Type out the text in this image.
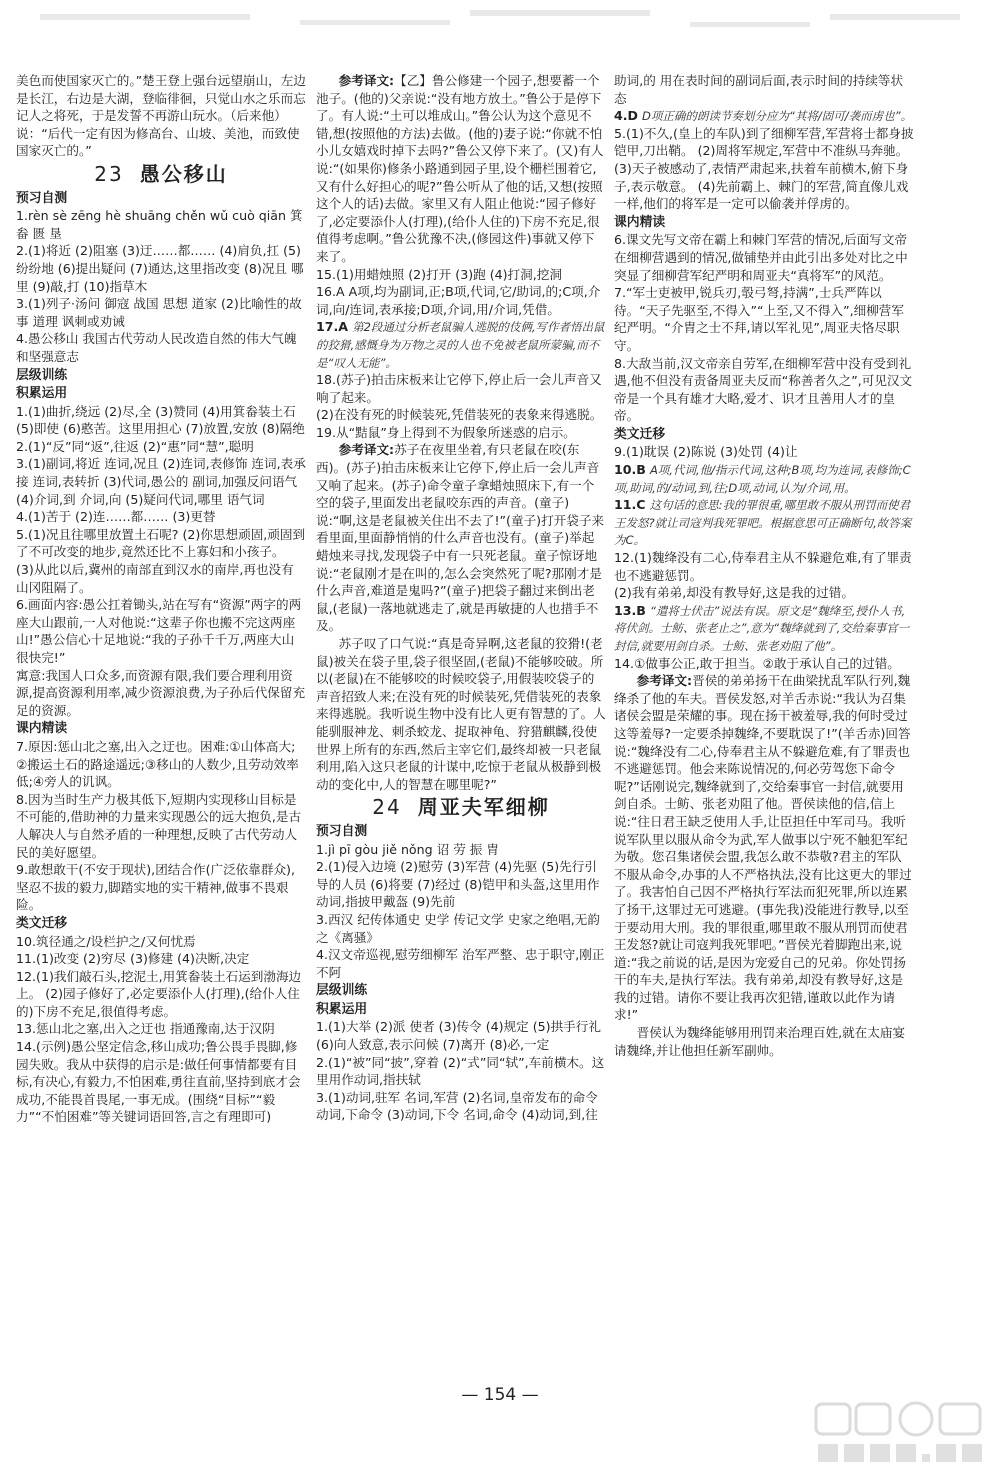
美色而使国家灭亡的。”楚王登上强台远望崩山，左边是长江，右边是大湖，登临徘徊，只觉山水之乐而忘记人之将死，于是发誓不再游山玩水。（后来他）说：“后代一定有因为修高台、山坡、美池，而致使国家灭亡的。”

23 愚公移山
预习自测

1.rèn sè zēng hè shuāng chěn wǔ cuò qiān 箕畚 匮 垦

2.(1)将近 (2)阻塞 (3)迂……都…… (4)肩负,扛 (5)纷纷地 (6)提出疑问 (7)通达,这里指改变 (8)况且 哪里 (9)敲,打 (10)指草木

3.(1)列子·汤问 御寇 战国 思想 道家 (2)比喻性的故事 道理 讽刺或劝诫

4.愚公移山 我国古代劳动人民改造自然的伟大气魄和坚强意志

层级训练
积累运用

1.(1)曲折,绕远 (2)尽,全 (3)赞同 (4)用箕畚装土石 (5)即使 (6)憨苦。这里用担心 (7)放置,安放 (8)隔绝

2.(1)“反”同“返”,往返 (2)“惠”同“慧”,聪明

3.(1)副词,将近 连词,况且 (2)连词,表修饰 连词,表承接 连词,表转折 (3)代词,愚公的 副词,加强反问语气 (4)介词,到 介词,向 (5)疑问代词,哪里 语气词

4.(1)苦于 (2)连……都…… (3)更替

5.(1)况且往哪里放置土石呢? (2)你思想顽固,顽固到了不可改变的地步,竟然还比不上寡妇和小孩子。 (3)从此以后,冀州的南部直到汉水的南岸,再也没有山冈阻隔了。

6.画面内容:愚公扛着锄头,站在写有“资源”两字的两座大山跟前,一人对他说:“这辈子你也搬不完这两座山!”愚公信心十足地说:“我的子孙千千万,两座大山很快完!”

寓意:我国人口众多,而资源有限,我们要合理利用资源,提高资源利用率,减少资源浪费,为子孙后代保留充足的资源。

课内精读

7.原因:惩山北之塞,出入之迂也。困难:①山体高大;②搬运土石的路途遥远;③移山的人数少,且劳动效率低;④旁人的讥讽。

8.因为当时生产力极其低下,短期内实现移山目标是不可能的,借助神的力量来实现愚公的远大抱负,是古人解决人与自然矛盾的一种理想,反映了古代劳动人民的美好愿望。

9.敢想敢干(不安于现状),团结合作(广泛依靠群众),坚忍不拔的毅力,脚踏实地的实干精神,做事不畏艰险。

类文迁移

10.筑径通之/设栏护之/又何忧焉

11.(1)改变 (2)穷尽 (3)修建 (4)决断,决定

12.(1)我们敲石头,挖泥土,用箕畚装土石运到渤海边上。 (2)园子修好了,必定要添仆人(打理),(给仆人住的)下房不充足,很值得考虑。

13.惩山北之塞,出入之迂也 指通豫南,达于汉阴

14.(示例)愚公坚定信念,移山成功;鲁公畏手畏脚,修园失败。我从中获得的启示是:做任何事情都要有目标,有决心,有毅力,不怕困难,勇往直前,坚持到底才会成功,不能畏首畏尾,一事无成。(围绕“目标”“毅力”“不怕困难”等关键词语回答,言之有理即可)

参考译文:【乙】鲁公修建一个园子,想要蓄一个池子。(他的)父亲说:“没有地方放土。”鲁公于是停下了。有人说:“土可以堆成山。”鲁公认为这个意见不错,想(按照他的方法)去做。(他的)妻子说:“你就不怕小儿女嬉戏时掉下去吗?”鲁公又停下来了。(又)有人说:“(如果你)修条小路通到园子里,设个栅栏围着它,又有什么好担心的呢?”鲁公听从了他的话,又想(按照这个人的话)去做。家里又有人阻止他说:“园子修好了,必定要添仆人(打理),(给仆人住的)下房不充足,很值得考虑啊。”鲁公犹豫不决,(修园这件)事就又停下来了。

15.(1)用蜡烛照 (2)打开 (3)跑 (4)打洞,挖洞

16.A A项,均为副词,正;B项,代词,它/助词,的;C项,介词,向/连词,表承接;D项,介词,用/介词,凭借。

17.A 第2段通过分析老鼠骗人逃脱的伎俩,写作者悟出鼠的狡猾,感慨身为万物之灵的人也不免被老鼠所蒙骗,而不是“叹人无能”。

18.(苏子)拍击床板来让它停下,停止后一会儿声音又响了起来。

(2)在没有死的时候装死,凭借装死的表象来得逃脱。

19.从“黠鼠”身上得到不为假象所迷惑的启示。

参考译文:苏子在夜里坐着,有只老鼠在咬(东西)。(苏子)拍击床板来让它停下,停止后一会儿声音又响了起来。(苏子)命令童子拿蜡烛照床下,有一个空的袋子,里面发出老鼠咬东西的声音。(童子)说:“啊,这是老鼠被关住出不去了!”(童子)打开袋子来看里面,里面静悄悄的什么声音也没有。(童子)举起蜡烛来寻找,发现袋子中有一只死老鼠。童子惊讶地说:“老鼠刚才是在叫的,怎么会突然死了呢?那刚才是什么声音,难道是鬼吗?”(童子)把袋子翻过来倒出老鼠,(老鼠)一落地就逃走了,就是再敏捷的人也措手不及。

苏子叹了口气说:“真是奇异啊,这老鼠的狡猾!(老鼠)被关在袋子里,袋子很坚固,(老鼠)不能够咬破。所以(老鼠)在不能够咬的时候咬袋子,用假装咬袋子的声音招致人来;在没有死的时候装死,凭借装死的表象来得逃脱。我听说生物中没有比人更有智慧的了。人能驯服神龙、刺杀蛟龙、捉取神龟、狩猎麒麟,役使世界上所有的东西,然后主宰它们,最终却被一只老鼠利用,陷入这只老鼠的计谋中,吃惊于老鼠从极静到极动的变化中,人的智慧在哪里呢?”

24 周亚夫军细柳
预习自测

1.jì pī gòu jiě nǒng 诏 劳 振 胄

2.(1)侵入边境 (2)慰劳 (3)军营 (4)先驱 (5)先行引导的人员 (6)将要 (7)经过 (8)铠甲和头盔,这里用作动词,指披甲戴盔 (9)先前

3.西汉 纪传体通史 史学 传记文学 史家之绝唱,无韵之《离骚》

4.汉文帝巡视,慰劳细柳军 治军严整、忠于职守,刚正不阿

层级训练
积累运用

1.(1)大举 (2)派 使者 (3)传令 (4)规定 (5)拱手行礼 (6)向人致意,表示问候 (7)离开 (8)必,一定

2.(1)“被”同“披”,穿着 (2)“式”同“轼”,车前横木。这里用作动词,指扶轼

3.(1)动词,驻军 名词,军营 (2)名词,皇帝发布的命令 动词,下命令 (3)动词,下令 名词,命令 (4)动词,到,往

助词,的 用在表时间的副词后面,表示时间的持续等状态

4.D D项正确的朗读节奏划分应为“其将/固可/袭而虏也”。

5.(1)不久,(皇上的车队)到了细柳军营,军营将士都身披铠甲,刀出鞘。 (2)周将军规定,军营中不准纵马奔驰。 (3)天子被感动了,表情严肃起来,扶着车前横木,俯下身子,表示敬意。 (4)先前霸上、棘门的军营,简直像儿戏一样,他们的将军是一定可以偷袭并俘虏的。

课内精读

6.课文先写文帝在霸上和棘门军营的情况,后面写文帝在细柳营遇到的情况,做铺垫并由此引出多处对比之中突显了细柳营军纪严明和周亚夫“真将军”的风范。

7.“军士吏被甲,锐兵刃,彀弓弩,持满”,士兵严阵以待。“天子先驱至,不得入”“上至,又不得入”,细柳营军纪严明。“介胄之士不拜,请以军礼见”,周亚夫恪尽职守。

8.大敌当前,汉文帝亲自劳军,在细柳军营中没有受到礼遇,他不但没有责备周亚夫反而“称善者久之”,可见汉文帝是一个具有雄才大略,爱才、识才且善用人才的皇帝。

类文迁移

9.(1)耽误 (2)陈说 (3)处罚 (4)让

10.B A项,代词,他/指示代词,这种;B项,均为连词,表修饰;C项,助词,的/动词,到,往;D项,动词,认为/介词,用。

11.C 这句话的意思:我的罪很重,哪里敢不服从刑罚而使君王发怒?就让司寇判我死罪吧。根据意思可正确断句,故答案为C。

12.(1)魏绛没有二心,侍奉君主从不躲避危难,有了罪责也不逃避惩罚。

(2)我有弟弟,却没有教导好,这是我的过错。

13.B “遣将士伏击”说法有误。原文是“魏绛至,授仆人书,将伏剑。士鲂、张老止之”,意为“魏绛就到了,交给秦事官一封信,就要用剑自杀。士鲂、张老劝阻了他”。

14.①做事公正,敢于担当。②敢于承认自己的过错。

参考译文:晋侯的弟弟扬干在曲梁扰乱军队行列,魏绛杀了他的车夫。晋侯发怒,对羊舌赤说:“我认为召集诸侯会盟是荣耀的事。现在扬干被羞辱,我的何时受过这等羞辱?一定要杀掉魏绛,不要耽误了!”(羊舌赤)回答说:“魏绛没有二心,侍奉君主从不躲避危难,有了罪责也不逃避惩罚。他会来陈说情况的,何必劳驾您下命令呢?”话刚说完,魏绛就到了,交给秦事官一封信,就要用剑自杀。士鲂、张老劝阻了他。晋侯读他的信,信上说:“往日君王缺乏使用人手,让臣担任中军司马。我听说军队里以服从命令为武,军人做事以宁死不触犯军纪为敬。您召集诸侯会盟,我怎么敢不恭敬?君主的军队不服从命令,办事的人不严格执法,没有比这更大的罪过了。我害怕自己因不严格执行军法而犯死罪,所以连累了扬干,这罪过无可逃避。(事先我)没能进行教导,以至于要动用大刑。我的罪很重,哪里敢不服从刑罚而使君王发怒?就让司寇判我死罪吧。”晋侯光着脚跑出来,说道:“我之前说的话,是因为宠爱自己的兄弟。你处罚扬干的车夫,是执行军法。我有弟弟,却没有教导好,这是我的过错。请你不要让我再次犯错,谨敢以此作为请求!”

晋侯认为魏绛能够用刑罚来治理百姓,就在太庙宴请魏绛,并让他担任新军副帅。

— 154 —
